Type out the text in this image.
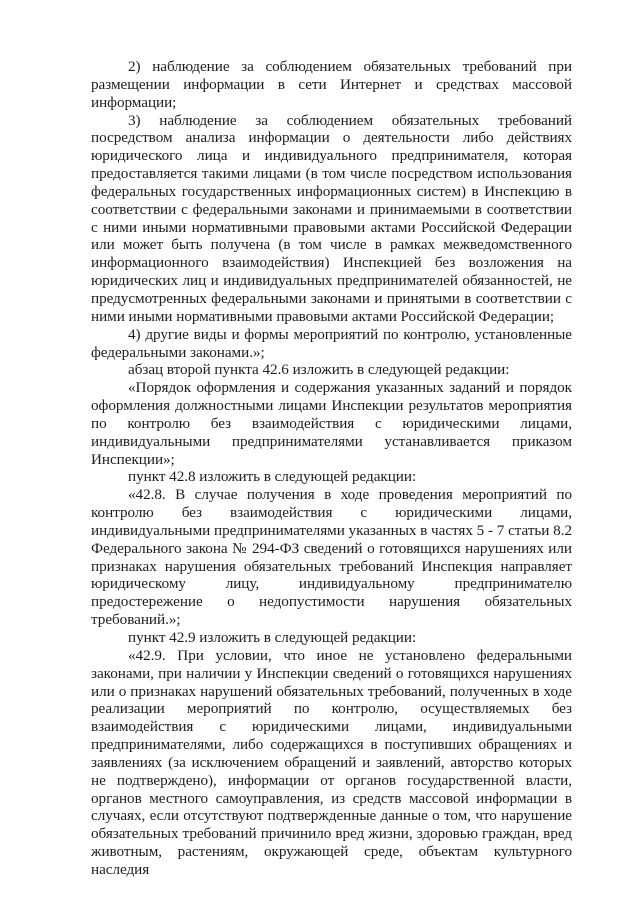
2) наблюдение за соблюдением обязательных требований при размещении информации в сети Интернет и средствах массовой информации;

3) наблюдение за соблюдением обязательных требований посредством анализа информации о деятельности либо действиях юридического лица и индивидуального предпринимателя, которая предоставляется такими лицами (в том числе посредством использования федеральных государственных информационных систем) в Инспекцию в соответствии с федеральными законами и принимаемыми в соответствии с ними иными нормативными правовыми актами Российской Федерации или может быть получена (в том числе в рамках межведомственного информационного взаимодействия) Инспекцией без возложения на юридических лиц и индивидуальных предпринимателей обязанностей, не предусмотренных федеральными законами и принятыми в соответствии с ними иными нормативными правовыми актами Российской Федерации;

4) другие виды и формы мероприятий по контролю, установленные федеральными законами.»;

абзац второй пункта 42.6 изложить в следующей редакции:

«Порядок оформления и содержания указанных заданий и порядок оформления должностными лицами Инспекции результатов мероприятия по контролю без взаимодействия с юридическими лицами, индивидуальными предпринимателями устанавливается приказом Инспекции»;

пункт 42.8 изложить в следующей редакции:

«42.8. В случае получения в ходе проведения мероприятий по контролю без взаимодействия с юридическими лицами, индивидуальными предпринимателями указанных в частях 5 - 7 статьи 8.2 Федерального закона № 294-ФЗ сведений о готовящихся нарушениях или признаках нарушения обязательных требований Инспекция направляет юридическому лицу, индивидуальному предпринимателю предостережение о недопустимости нарушения обязательных требований.»;

пункт 42.9 изложить в следующей редакции:

«42.9. При условии, что иное не установлено федеральными законами, при наличии у Инспекции сведений о готовящихся нарушениях или о признаках нарушений обязательных требований, полученных в ходе реализации мероприятий по контролю, осуществляемых без взаимодействия с юридическими лицами, индивидуальными предпринимателями, либо содержащихся в поступивших обращениях и заявлениях (за исключением обращений и заявлений, авторство которых не подтверждено), информации от органов государственной власти, органов местного самоуправления, из средств массовой информации в случаях, если отсутствуют подтвержденные данные о том, что нарушение обязательных требований причинило вред жизни, здоровью граждан, вред животным, растениям, окружающей среде, объектам культурного наследия
